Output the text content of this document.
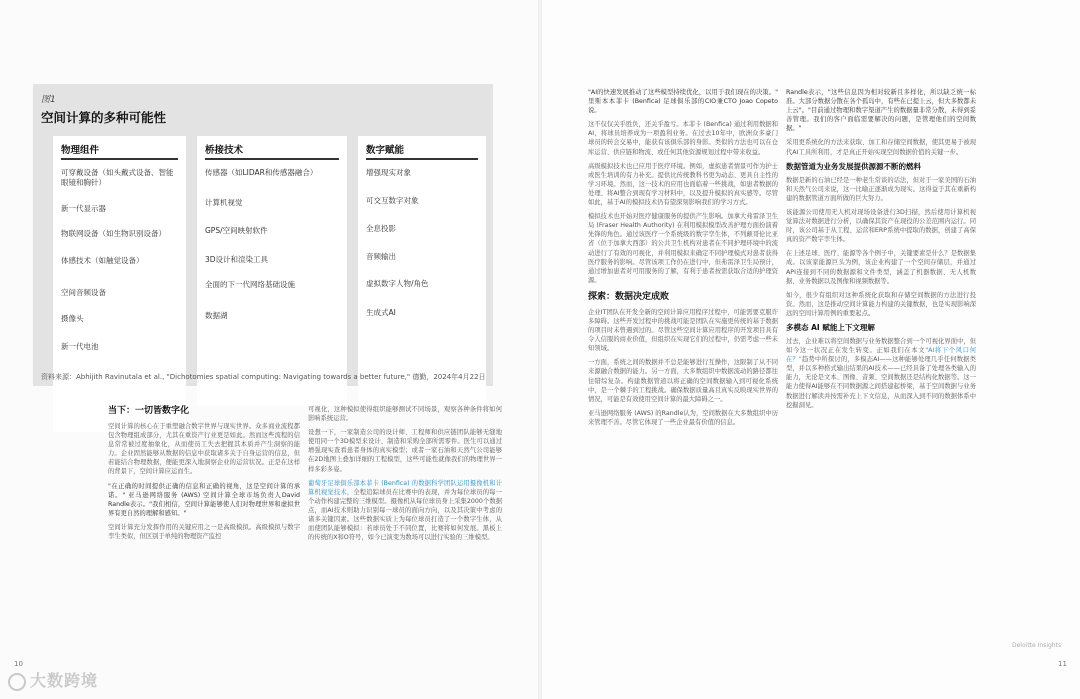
图1
空间计算的多种可能性
物理组件
可穿戴设备（如头戴式设备、智能眼镜和胸针）
新一代显示器
物联网设备（如生物识别设备）
体感技术（如触觉设备）
空间音频设备
摄像头
新一代电池
桥接技术
传感器（如LIDAR和传感器融合）
计算机视觉
GPS/空间映射软件
3D设计和渲染工具
全面的下一代网络基础设施
数据湖
数字赋能
增强现实对象
可交互数字对象
全息投影
音频输出
虚拟数字人物/角色
生成式AI
资料来源：Abhijith Ravinutala et al., "Dichotomies spatial computing: Navigating towards a better future," 德勤，2024年4月22日
当下：一切皆数字化

空间计算的核心在于重塑融合数字世界与现实世界。众多商业流程都包含物理组成部分，尤其在重资产行业更是如此。然而这些流程的信息常常被过度抽象化，从而使员工失去把握其本质并产生洞察的能力。企业固然能够从数据的信息中获取诸多关于自身运营的信息，但若能结合物理数据，便能更深入地洞察企业的运营状况。正是在这样的背景下，空间计算应运而生。

"在正确的时间提供正确的信息和正确的视角，这是空间计算的承诺。" 亚马逊网络服务 (AWS) 空间计算全球市场负责人David Randle表示。"我们相信，空间计算能够使人们对物理世界和虚拟世界有更自然的理解和感知。"

空间计算充分发挥作用的关键应用之一是高级模拟。高级模拟与数字孪生类似，但区别于单纯的物理资产监控

可视化，这种模拟使得组织能够测试不同场景，观察各种条件将如何影响系统运营。

设想一下，一家制造公司的设计师、工程师和供应链团队能够无缝地使用同一个3D模型来设计、制造和采购全部所需零件。医生可以通过增强现实查看患者身体的真实模型；或者一家石油和天然气公司能够在2D地图上叠加详细的工程模型，这些可能性就像我们的物理世界一样多彩多姿。

葡萄牙足球俱乐部本菲卡 (Benfica) 的数据科学团队运用摄像机和计算机视觉技术，全程追踪球员在比赛中的表现，并为每位球员的每一个动作构建完整的三维模型。摄像机从每位球员身上采集2000个数据点，而AI技术则助力识别每一球员的面向方向，以及其决策中考虑的诸多关键因素。这些数据实质上为每位球员打造了一个数字生体，从而使团队能够模拟：若球员处于不同位置，比赛将如何发展。黑板上的传统的X和O符号，如今已演变为数场可以进行实验的三维模型。

"AI的快速发展推动了这些模型持续优化，以用于我们现在的决策。" 里斯本本菲卡 (Benfica) 足球俱乐部的CIO兼CTO Joao Copeto说。

这不仅仅关乎胜负，还关乎盈亏。本菲卡 (Benfica) 通过利用数据和AI，将球员培养成为一项盈利业务。在过去10年中，欧洲众多豪门球员的转会交易中，能获有该俱乐部的身影。类似的方法也可以在仓库运营、供应链和物流、或任何其他资源规划过程中带来收益。

高级模拟技术也已应用于医疗环境。例如，虚拟患者情景可作为护士或医生培训的有力补充。提供比传统教科书更为动态、更具自主性的学习环境。然而，这一技术的应用也面临着一些挑战，如患者数据的处理、将AI整合到现有学习材料中，以及提升模拟的真实感等。尽管如此，基于AI的模拟技术仍有望深刻影响我们的学习方式。

模拟技术也开始对医疗健康服务的提供产生影响。加拿大弗雷泽卫生局 (Fraser Health Authority) 在利用模拟模型改善护理方面扮演着先锋的角色。通过该医疗一个系统级的数字孪生体，不列颠哥伦比亚省（位于加拿大西部）的公共卫生机构对患者在不同护理环境中的流动进行了有效的可视化，并利用模拟来确定不同护理模式对患者获得医疗服务的影响。尽管该项工作仍在进行中，但弗雷泽卫生局预计，通过增加患者对可用服务的了解，有利于患者按需获取合适的护理资源。

探索：数据决定成败

企业IT团队在开发全新的空间计算应用程序过程中，可能需要克服许多障碍。这些开发过程中的挑战可能是团队在实施更传统的基于数据的项目时未曾遇到过的。尽管这些空间计算应用程序的开发项目具有令人信服的商业价值，但组织在实现它们的过程中，仍需考虑一些未知领域。

一方面，系统之间的数据并不总是能够进行互操作，这限制了从不同来源融合数据的能力。另一方面，大多数组织中数据流动的路径都往往错综复杂。构建数据管道以将正确的空间数据输入到可视化系统中，是一个棘手的工程挑战。确保数据质量高且真实反映现实世界的情况，可能是有效使用空间计算的最大障碍之一。

亚马逊网络服务 (AWS) 的Randle认为，空间数据在大多数组织中历来管理不善。尽管它体现了一些企业最有价值的信息。

Randle表示，"这些信息因为相对较新且多样化，所以缺乏统一标准。大部分数据分散在各个孤岛中，有些在已提上云，但大多数都未上云"。"目前通过物理和数字渠道产生的数据量非常分散，未得到妥善管理。我们的客户面临需要解决的问题，是管理他们的空间数据。"

采用更系统化的方法来获取、加工和存储空间数据，使其更易于被现代AI工具所利用，才是真正开始实现空间数据价值的关键一步。

数据管道为业务发展提供源源不断的燃料

数据是新的石油已经是一种老生常谈的话法，但对于一家美国的石油和天然气公司来说，这一比喻正逐渐成为现实。这得益于其在重新构建的数据管道方面所做的巨大努力。

该能源公司使用无人机对现场设备进行3D扫描，然后使用计算机视觉算法对数据进行分析，以确保其资产在现役的公差范围内运行。同时，该公司基于从工程、运营和ERP系统中提取的数据，创建了高保真的资产数字孪生体。

在上述足球、医疗、能源等各个例子中，关键要素是什么？是数据集成。以该家能源巨头为例，该企业构建了一个空间存储层，并通过API连接到不同的数据源和文件类型，涵盖了机器数据、无人机数据、业务数据以及图像和视频数据等。

如今，很少有组织对这种系统化获取和存储空间数据的方法进行投资。然而，这是推动空间计算能力构建的关键数据，也是实现影响深远的空间计算用例的重要起点。

多模态 AI 赋能上下文理解

过去，企业难以将空间数据与业务数据整合到一个可视化界面中，但如今这一状况正在发生转变。正如我们在本文"AI将下个风口何在？"趋势中所探讨的，多模态AI——这种能够处理几乎任何数据类型，并以多种格式输出结果的AI技术——已经具备了处理各类输入的能力，无论是文本、图像、音频、空间数据还是结构化数据等。这一能力使得AI能够在不同数据源之间搭建起桥梁，基于空间数据与业务数据进行解读并按需补充上下文信息，从而深入到不同的数据体系中挖掘洞见。

10	11
Deloitte Insights
大数跨境
